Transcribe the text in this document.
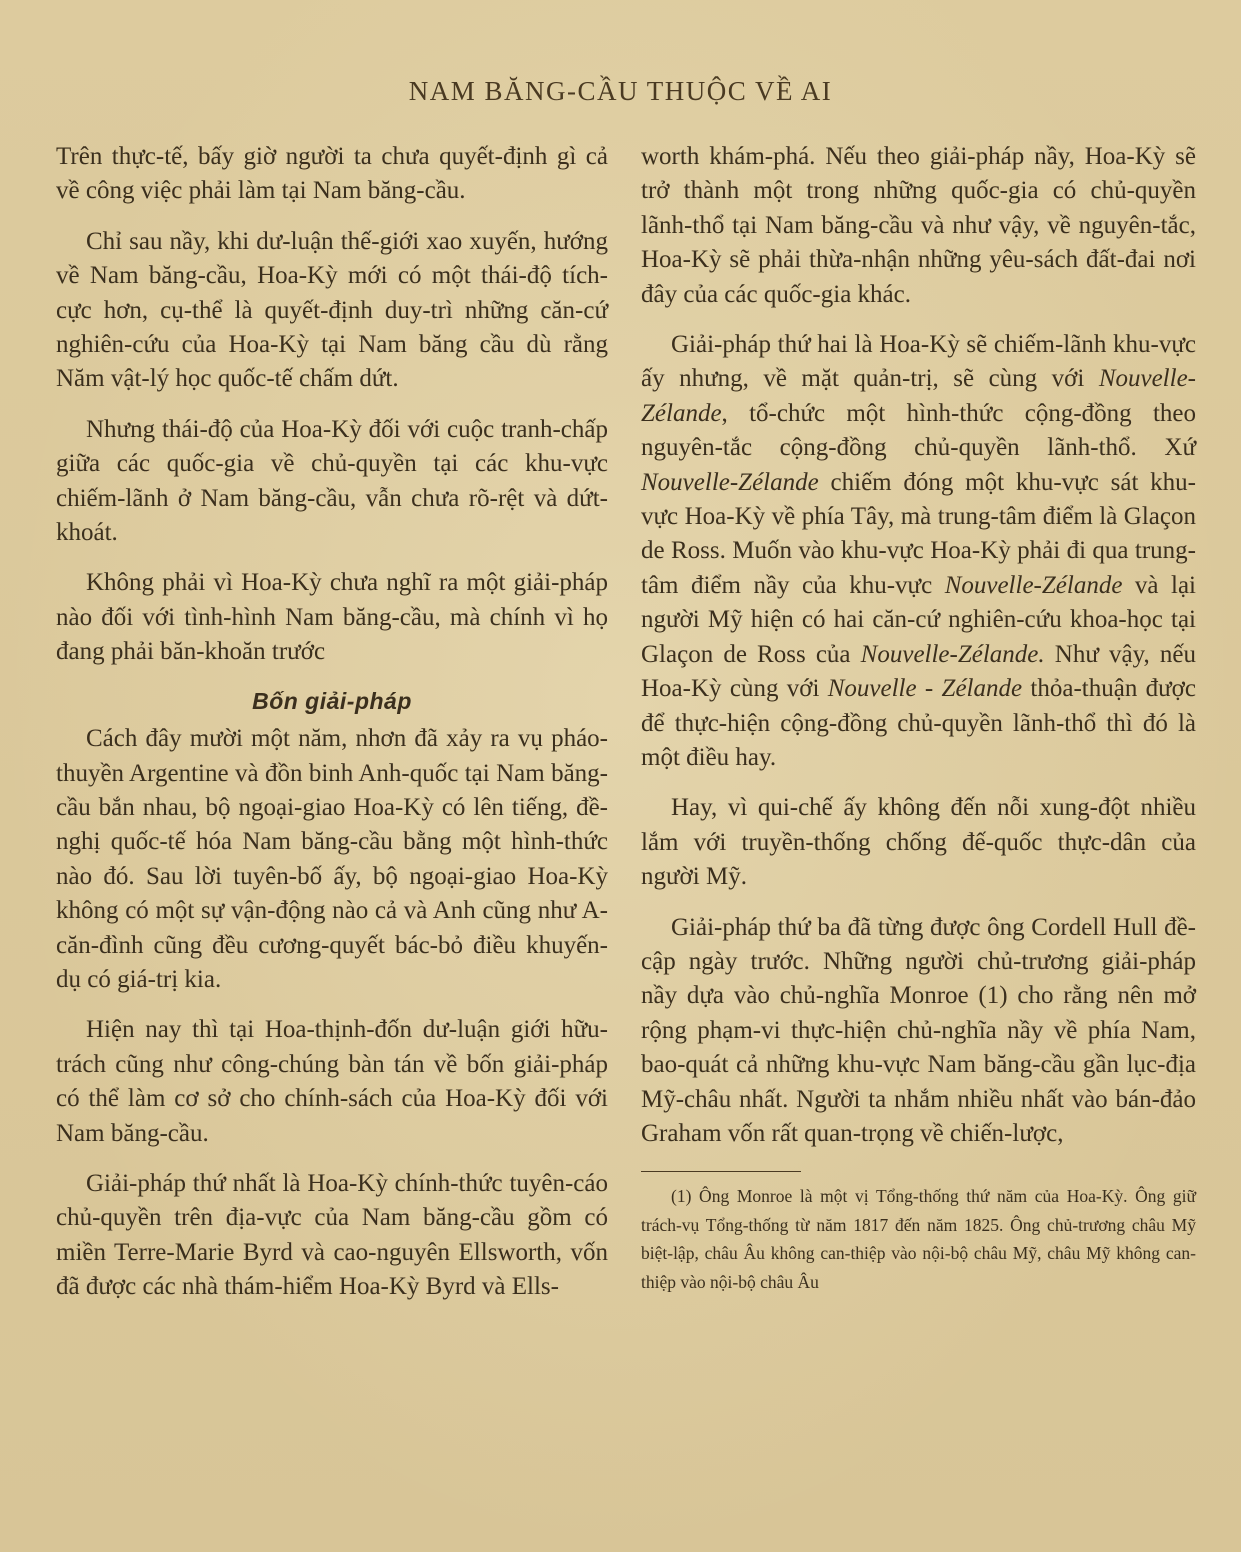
NAM BĂNG-CẦU THUỘC VỀ AI

Trên thực-tế, bấy giờ người ta chưa quyết-định gì cả về công việc phải làm tại Nam băng-cầu.

Chỉ sau nầy, khi dư-luận thế-giới xao xuyến, hướng về Nam băng-cầu, Hoa-Kỳ mới có một thái-độ tích-cực hơn, cụ-thể là quyết-định duy-trì những căn-cứ nghiên-cứu của Hoa-Kỳ tại Nam băng cầu dù rằng Năm vật-lý học quốc-tế chấm dứt.

Nhưng thái-độ của Hoa-Kỳ đối với cuộc tranh-chấp giữa các quốc-gia về chủ-quyền tại các khu-vực chiếm-lãnh ở Nam băng-cầu, vẫn chưa rõ-rệt và dứt-khoát.

Không phải vì Hoa-Kỳ chưa nghĩ ra một giải-pháp nào đối với tình-hình Nam băng-cầu, mà chính vì họ đang phải băn-khoăn trước

Bốn giải-pháp

Cách đây mười một năm, nhơn đã xảy ra vụ pháo-thuyền Argentine và đồn binh Anh-quốc tại Nam băng-cầu bắn nhau, bộ ngoại-giao Hoa-Kỳ có lên tiếng, đề-nghị quốc-tế hóa Nam băng-cầu bằng một hình-thức nào đó. Sau lời tuyên-bố ấy, bộ ngoại-giao Hoa-Kỳ không có một sự vận-động nào cả và Anh cũng như A-căn-đình cũng đều cương-quyết bác-bỏ điều khuyến-dụ có giá-trị kia.

Hiện nay thì tại Hoa-thịnh-đốn dư-luận giới hữu-trách cũng như công-chúng bàn tán về bốn giải-pháp có thể làm cơ sở cho chính-sách của Hoa-Kỳ đối với Nam băng-cầu.

Giải-pháp thứ nhất là Hoa-Kỳ chính-thức tuyên-cáo chủ-quyền trên địa-vực của Nam băng-cầu gồm có miền Terre-Marie Byrd và cao-nguyên Ellsworth, vốn đã được các nhà thám-hiểm Hoa-Kỳ Byrd và Ells-

worth khám-phá. Nếu theo giải-pháp nầy, Hoa-Kỳ sẽ trở thành một trong những quốc-gia có chủ-quyền lãnh-thổ tại Nam băng-cầu và như vậy, về nguyên-tắc, Hoa-Kỳ sẽ phải thừa-nhận những yêu-sách đất-đai nơi đây của các quốc-gia khác.

Giải-pháp thứ hai là Hoa-Kỳ sẽ chiếm-lãnh khu-vực ấy nhưng, về mặt quản-trị, sẽ cùng với Nouvelle-Zélande, tổ-chức một hình-thức cộng-đồng theo nguyên-tắc cộng-đồng chủ-quyền lãnh-thổ. Xứ Nouvelle-Zélande chiếm đóng một khu-vực sát khu-vực Hoa-Kỳ về phía Tây, mà trung-tâm điểm là Glaçon de Ross. Muốn vào khu-vực Hoa-Kỳ phải đi qua trung-tâm điểm nầy của khu-vực Nouvelle-Zélande và lại người Mỹ hiện có hai căn-cứ nghiên-cứu khoa-học tại Glaçon de Ross của Nouvelle-Zélande. Như vậy, nếu Hoa-Kỳ cùng với Nouvelle - Zélande thỏa-thuận được để thực-hiện cộng-đồng chủ-quyền lãnh-thổ thì đó là một điều hay.

Hay, vì qui-chế ấy không đến nỗi xung-đột nhiều lắm với truyền-thống chống đế-quốc thực-dân của người Mỹ.

Giải-pháp thứ ba đã từng được ông Cordell Hull đề-cập ngày trước. Những người chủ-trương giải-pháp nầy dựa vào chủ-nghĩa Monroe (1) cho rằng nên mở rộng phạm-vi thực-hiện chủ-nghĩa nầy về phía Nam, bao-quát cả những khu-vực Nam băng-cầu gần lục-địa Mỹ-châu nhất. Người ta nhắm nhiều nhất vào bán-đảo Graham vốn rất quan-trọng về chiến-lược,

(1) Ông Monroe là một vị Tổng-thống thứ năm của Hoa-Kỳ. Ông giữ trách-vụ Tổng-thống từ năm 1817 đến năm 1825. Ông chủ-trương châu Mỹ biệt-lập, châu Âu không can-thiệp vào nội-bộ châu Mỹ, châu Mỹ không can-thiệp vào nội-bộ châu Âu
